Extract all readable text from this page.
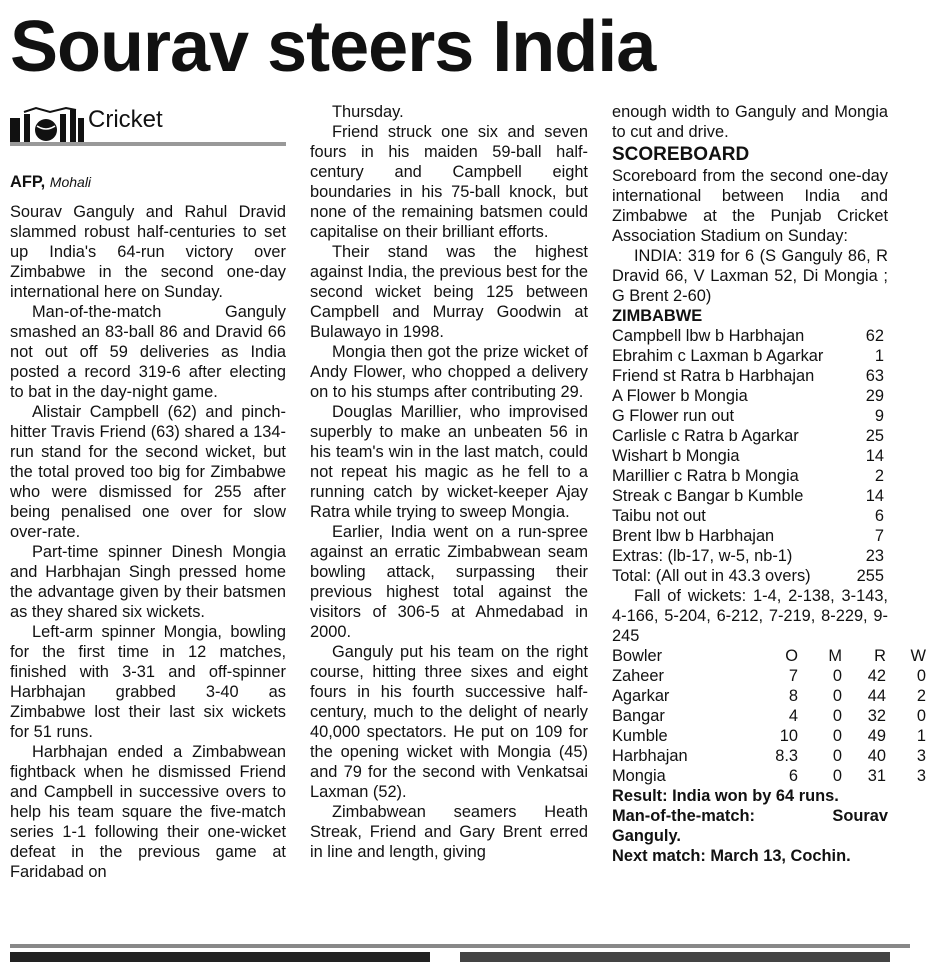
Sourav steers India
Cricket
AFP, Mohali

Sourav Ganguly and Rahul Dravid slammed robust half-centuries to set up India's 64-run victory over Zimbabwe in the second one-day international here on Sunday.

Man-of-the-match Ganguly smashed an 83-ball 86 and Dravid 66 not out off 59 deliveries as India posted a record 319-6 after electing to bat in the day-night game.

Alistair Campbell (62) and pinch-hitter Travis Friend (63) shared a 134-run stand for the second wicket, but the total proved too big for Zimbabwe who were dismissed for 255 after being penalised one over for slow over-rate.

Part-time spinner Dinesh Mongia and Harbhajan Singh pressed home the advantage given by their batsmen as they shared six wickets.

Left-arm spinner Mongia, bowling for the first time in 12 matches, finished with 3-31 and off-spinner Harbhajan grabbed 3-40 as Zimbabwe lost their last six wickets for 51 runs.

Harbhajan ended a Zimbabwean fightback when he dismissed Friend and Campbell in successive overs to help his team square the five-match series 1-1 following their one-wicket defeat in the previous game at Faridabad on

Thursday.

Friend struck one six and seven fours in his maiden 59-ball half-century and Campbell eight boundaries in his 75-ball knock, but none of the remaining batsmen could capitalise on their brilliant efforts.

Their stand was the highest against India, the previous best for the second wicket being 125 between Campbell and Murray Goodwin at Bulawayo in 1998.

Mongia then got the prize wicket of Andy Flower, who chopped a delivery on to his stumps after contributing 29.

Douglas Marillier, who improvised superbly to make an unbeaten 56 in his team's win in the last match, could not repeat his magic as he fell to a running catch by wicket-keeper Ajay Ratra while trying to sweep Mongia.

Earlier, India went on a run-spree against an erratic Zimbabwean seam bowling attack, surpassing their previous highest total against the visitors of 306-5 at Ahmedabad in 2000.

Ganguly put his team on the right course, hitting three sixes and eight fours in his fourth successive half-century, much to the delight of nearly 40,000 spectators. He put on 109 for the opening wicket with Mongia (45) and 79 for the second with Venkatsai Laxman (52).

Zimbabwean seamers Heath Streak, Friend and Gary Brent erred in line and length, giving

enough width to Ganguly and Mongia to cut and drive.

SCOREBOARD

Scoreboard from the second one-day international between India and Zimbabwe at the Punjab Cricket Association Stadium on Sunday:

INDIA: 319 for 6 (S Ganguly 86, R Dravid 66, V Laxman 52, Di Mongia ; G Brent 2-60)

ZIMBABWE
Campbell lbw b Harbhajan	62
Ebrahim c Laxman b Agarkar	1
Friend st Ratra b Harbhajan	63
A Flower b Mongia	29
G Flower run out	9
Carlisle c Ratra b Agarkar	25
Wishart b Mongia	14
Marillier c Ratra b Mongia	2
Streak c Bangar b Kumble	14
Taibu not out	6
Brent lbw b Harbhajan	7
Extras: (lb-17, w-5, nb-1)	23
Total: (All out in 43.3 overs)	255

Fall of wickets: 1-4, 2-138, 3-143, 4-166, 5-204, 6-212, 7-219, 8-229, 9-245

Bowler	O	M	R	W
Zaheer	7	0	42	0
Agarkar	8	0	44	2
Bangar	4	0	32	0
Kumble	10	0	49	1
Harbhajan	8.3	0	40	3
Mongia	6	0	31	3
Result: India won by 64 runs.
Man-of-the-match: Sourav Ganguly.
Next match: March 13, Cochin.
